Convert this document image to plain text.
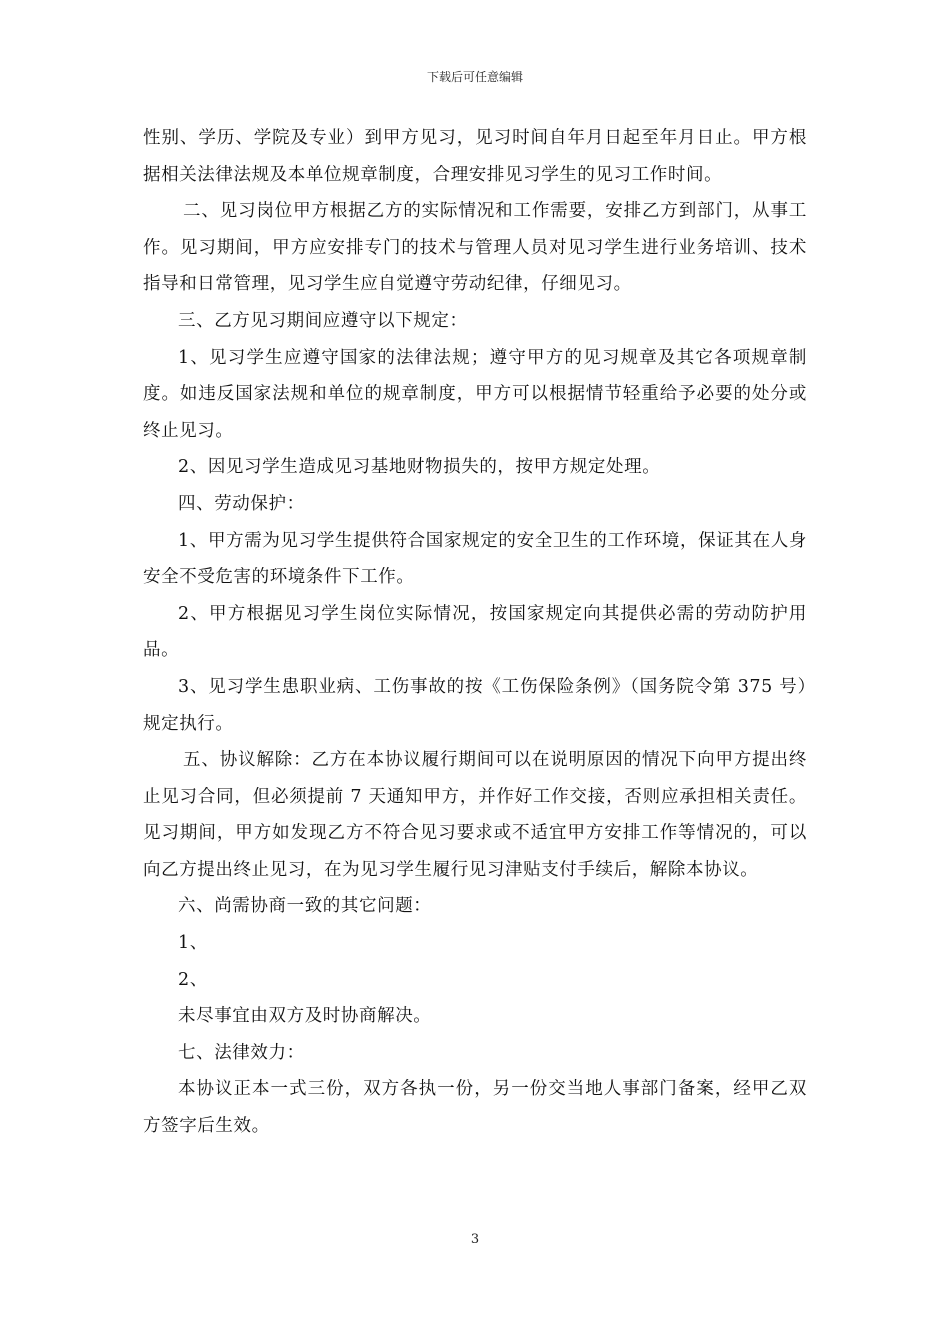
下载后可任意编辑

性别、学历、学院及专业）到甲方见习，见习时间自年月日起至年月日止。甲方根据相关法律法规及本单位规章制度，合理安排见习学生的见习工作时间。

二、见习岗位甲方根据乙方的实际情况和工作需要，安排乙方到部门，从事工作。见习期间，甲方应安排专门的技术与管理人员对见习学生进行业务培训、技术指导和日常管理，见习学生应自觉遵守劳动纪律，仔细见习。

三、乙方见习期间应遵守以下规定：

1、见习学生应遵守国家的法律法规；遵守甲方的见习规章及其它各项规章制度。如违反国家法规和单位的规章制度，甲方可以根据情节轻重给予必要的处分或终止见习。

2、因见习学生造成见习基地财物损失的，按甲方规定处理。

四、劳动保护：

1、甲方需为见习学生提供符合国家规定的安全卫生的工作环境，保证其在人身安全不受危害的环境条件下工作。

2、甲方根据见习学生岗位实际情况，按国家规定向其提供必需的劳动防护用品。

3、见习学生患职业病、工伤事故的按《工伤保险条例》（国务院令第 375 号）规定执行。

五、协议解除：乙方在本协议履行期间可以在说明原因的情况下向甲方提出终止见习合同，但必须提前 7 天通知甲方，并作好工作交接，否则应承担相关责任。见习期间，甲方如发现乙方不符合见习要求或不适宜甲方安排工作等情况的，可以向乙方提出终止见习，在为见习学生履行见习津贴支付手续后，解除本协议。

六、尚需协商一致的其它问题：

1、

2、

未尽事宜由双方及时协商解决。

七、法律效力：

本协议正本一式三份，双方各执一份，另一份交当地人事部门备案，经甲乙双方签字后生效。

3
